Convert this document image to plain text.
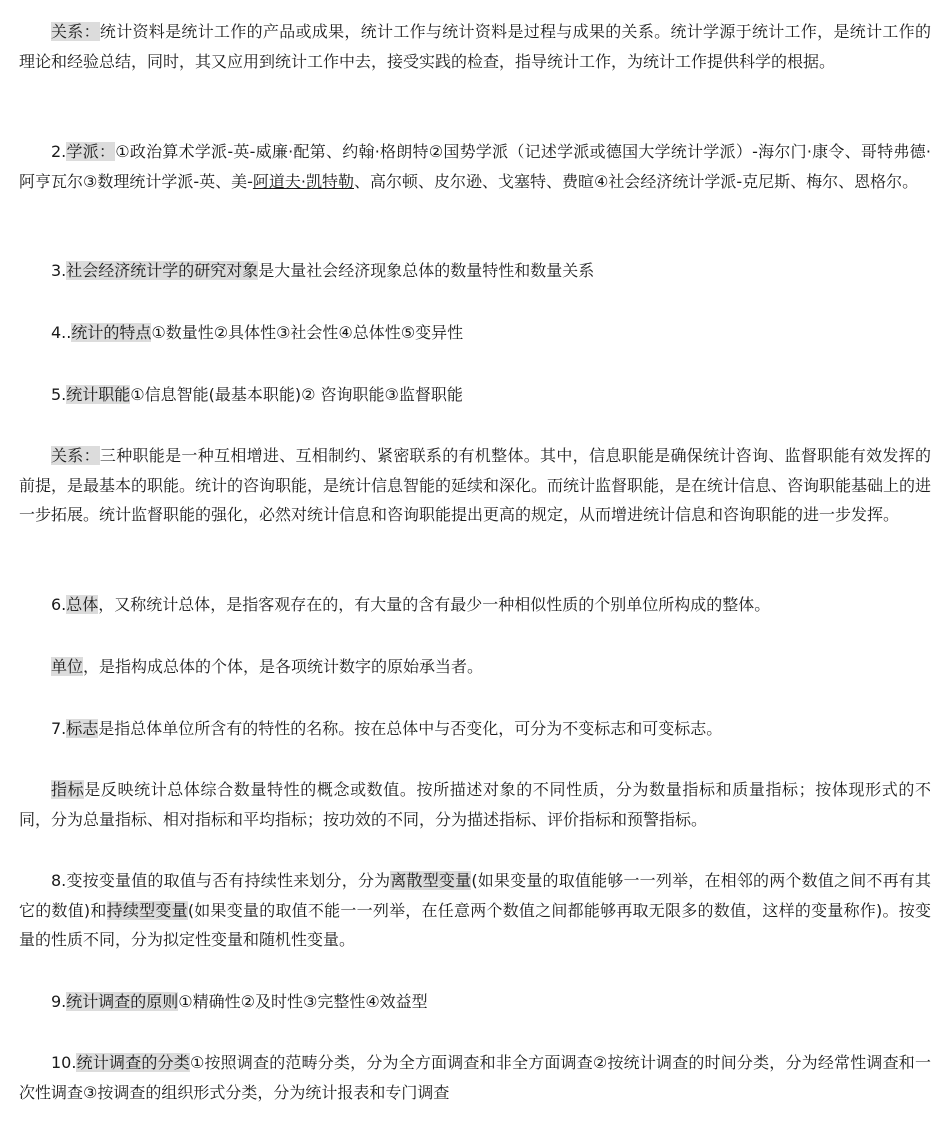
关系：统计资料是统计工作的产品或成果，统计工作与统计资料是过程与成果的关系。统计学源于统计工作，是统计工作的理论和经验总结，同时，其又应用到统计工作中去，接受实践的检查，指导统计工作，为统计工作提供科学的根据。

2.学派：①政治算术学派-英-威廉·配第、约翰·格朗特②国势学派（记述学派或德国大学统计学派）-海尔门·康令、哥特弗德·阿亨瓦尔③数理统计学派-英、美-阿道夫·凯特勒、高尔顿、皮尔逊、戈塞特、费暄④社会经济统计学派-克尼斯、梅尔、恩格尔。

3.社会经济统计学的研究对象是大量社会经济现象总体的数量特性和数量关系

4..统计的特点①数量性②具体性③社会性④总体性⑤变异性

5.统计职能①信息智能(最基本职能)② 咨询职能③监督职能

关系：三种职能是一种互相增进、互相制约、紧密联系的有机整体。其中，信息职能是确保统计咨询、监督职能有效发挥的前提，是最基本的职能。统计的咨询职能，是统计信息智能的延续和深化。而统计监督职能，是在统计信息、咨询职能基础上的进一步拓展。统计监督职能的强化，必然对统计信息和咨询职能提出更高的规定，从而增进统计信息和咨询职能的进一步发挥。

6.总体，又称统计总体，是指客观存在的，有大量的含有最少一种相似性质的个别单位所构成的整体。

单位，是指构成总体的个体，是各项统计数字的原始承当者。

7.标志是指总体单位所含有的特性的名称。按在总体中与否变化，可分为不变标志和可变标志。

指标是反映统计总体综合数量特性的概念或数值。按所描述对象的不同性质，分为数量指标和质量指标；按体现形式的不同，分为总量指标、相对指标和平均指标；按功效的不同，分为描述指标、评价指标和预警指标。

8.变按变量值的取值与否有持续性来划分，分为离散型变量(如果变量的取值能够一一列举，在相邻的两个数值之间不再有其它的数值)和持续型变量(如果变量的取值不能一一列举，在任意两个数值之间都能够再取无限多的数值，这样的变量称作)。按变量的性质不同，分为拟定性变量和随机性变量。

9.统计调查的原则①精确性②及时性③完整性④效益型

10.统计调查的分类①按照调查的范畴分类，分为全方面调查和非全方面调查②按统计调查的时间分类，分为经常性调查和一次性调查③按调查的组织形式分类，分为统计报表和专门调查
